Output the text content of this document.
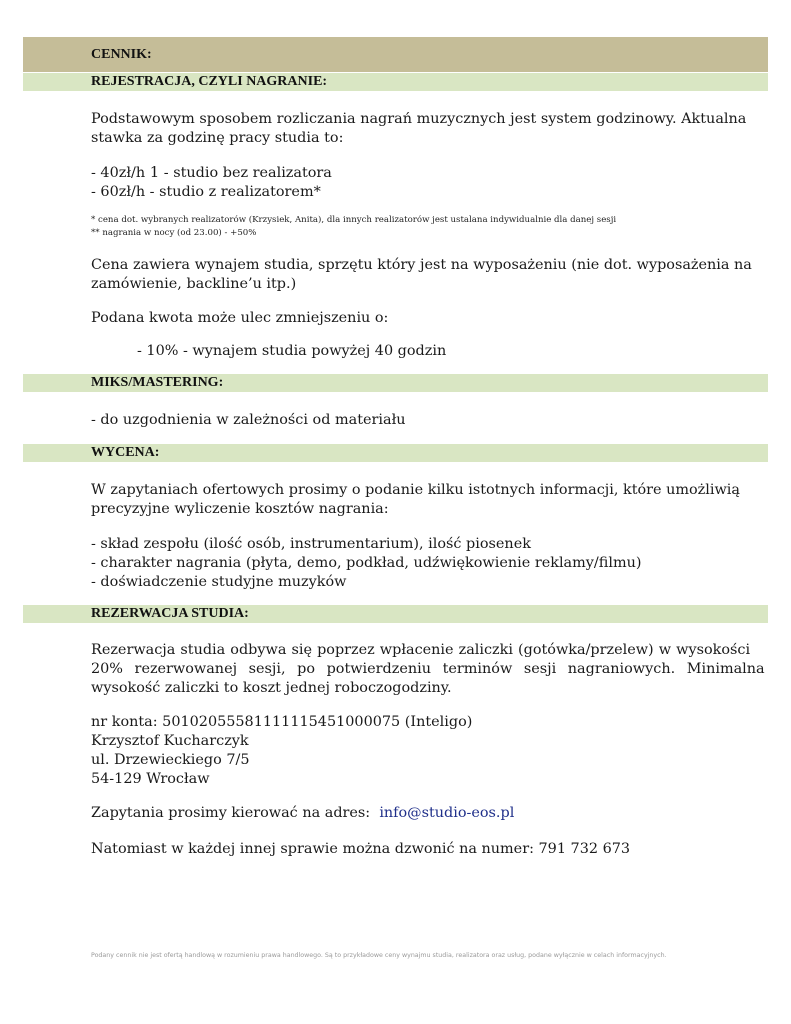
CENNIK:
REJESTRACJA, CZYLI NAGRANIE:
Podstawowym sposobem rozliczania nagrań muzycznych jest system godzinowy. Aktualna
stawka za godzinę pracy studia to:
- 40zł/h 1 - studio bez realizatora
- 60zł/h - studio z realizatorem*
* cena dot. wybranych realizatorów (Krzysiek, Anita), dla innych realizatorów jest ustalana indywidualnie dla danej sesji
** nagrania w nocy (od 23.00) - +50%
Cena zawiera wynajem studia, sprzętu który jest na wyposażeniu (nie dot. wyposażenia na
zamówienie, backline’u itp.)
Podana kwota może ulec zmniejszeniu o:
- 10% - wynajem studia powyżej 40 godzin
MIKS/MASTERING:
- do uzgodnienia w zależności od materiału
WYCENA:
W zapytaniach ofertowych prosimy o podanie kilku istotnych informacji, które umożliwią
precyzyjne wyliczenie kosztów nagrania:
- skład zespołu (ilość osób, instrumentarium), ilość piosenek
- charakter nagrania (płyta, demo, podkład, udźwiękowienie reklamy/filmu)
- doświadczenie studyjne muzyków
REZERWACJA STUDIA:
Rezerwacja studia odbywa się poprzez wpłacenie zaliczki (gotówka/przelew) w wysokości
20% rezerwowanej sesji, po potwierdzeniu terminów sesji nagraniowych. Minimalna
wysokość zaliczki to koszt jednej roboczogodziny.
nr konta: 50102055581111115451000075 (Inteligo)
Krzysztof Kucharczyk
ul. Drzewieckiego 7/5
54-129 Wrocław
Zapytania prosimy kierować na adres:  info@studio-eos.pl
Natomiast w każdej innej sprawie można dzwonić na numer: 791 732 673
Podany cennik nie jest ofertą handlową w rozumieniu prawa handlowego. Są to przykładowe ceny wynajmu studia, realizatora oraz usług, podane wyłącznie w celach informacyjnych.
